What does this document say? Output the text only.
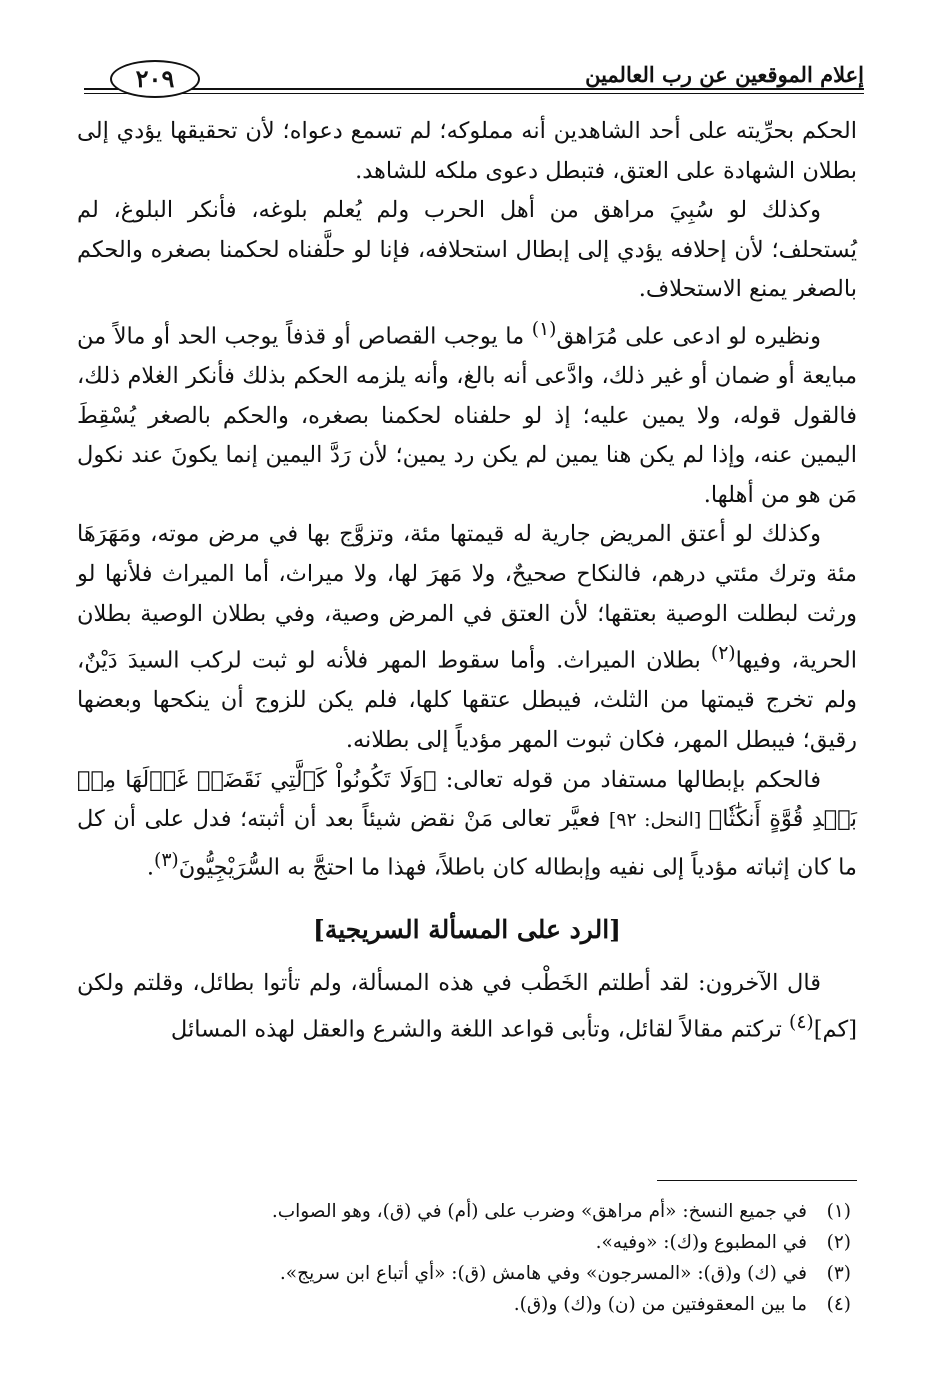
إعلام الموقعين عن رب العالمين
٢٠٩

الحكم بحرِّيته على أحد الشاهدين أنه مملوكه؛ لم تسمع دعواه؛ لأن تحقيقها يؤدي إلى بطلان الشهادة على العتق، فتبطل دعوى ملكه للشاهد.

وكذلك لو سُبِيَ مراهق من أهل الحرب ولم يُعلم بلوغه، فأنكر البلوغ، لم يُستحلف؛ لأن إحلافه يؤدي إلى إبطال استحلافه، فإنا لو حلَّفناه لحكمنا بصغره والحكم بالصغر يمنع الاستحلاف.

ونظيره لو ادعى على مُرَاهق$^{(١)}$ ما يوجب القصاص أو قذفاً يوجب الحد أو مالاً من مبايعة أو ضمان أو غير ذلك، وادَّعى أنه بالغ، وأنه يلزمه الحكم بذلك فأنكر الغلام ذلك، فالقول قوله، ولا يمين عليه؛ إذ لو حلفناه لحكمنا بصغره، والحكم بالصغر يُسْقِطَ اليمين عنه، وإذا لم يكن هنا يمين لم يكن رد يمين؛ لأن رَدَّ اليمين إنما يكونَ عند نكول مَن هو من أهلها.

وكذلك لو أعتق المريض جارية له قيمتها مئة، وتزوَّج بها في مرض موته، ومَهَرَهَا مئة وترك مئتي درهم، فالنكاح صحيحٌ، ولا مَهرَ لها، ولا ميراث، أما الميراث فلأنها لو ورثت لبطلت الوصية بعتقها؛ لأن العتق في المرض وصية، وفي بطلان الوصية بطلان الحرية، وفيها$^{(٢)}$ بطلان الميراث. وأما سقوط المهر فلأنه لو ثبت لركب السيدَ دَيْنٌ، ولم تخرج قيمتها من الثلث، فيبطل عتقها كلها، فلم يكن للزوج أن ينكحها وبعضها رقيق؛ فيبطل المهر، فكان ثبوت المهر مؤدياً إلى بطلانه.

فالحكم بإبطالها مستفاد من قوله تعالى: ﴿وَلَا تَكُونُواْ كَٱلَّتِي نَقَضَتۡ غَزۡلَهَا مِنۢ بَعۡدِ قُوَّةٍ أَنكَٰثٗا﴾ [النحل: ٩٢] فعيَّر تعالى مَنْ نقض شيئاً بعد أن أثبته؛ فدل على أن كل ما كان إثباته مؤدياً إلى نفيه وإبطاله كان باطلاً، فهذا ما احتجَّ به السُّرَيْجِيُّونَ$^{(٣)}$.

[الرد على المسألة السريجية]

قال الآخرون: لقد أطلتم الخَطْب في هذه المسألة، ولم تأتوا بطائل، وقلتم ولكن [كم]$^{(٤)}$ تركتم مقالاً لقائل، وتأبى قواعد اللغة والشرع والعقل لهذه المسائل

(١)
في جميع النسخ: «أم مراهق» وضرب على (أم) في (ق)، وهو الصواب.
(٢)
في المطبوع و(ك): «وفيه».
(٣)
في (ك) و(ق): «المسرجون» وفي هامش (ق): «أي أتباع ابن سريج».
(٤)
ما بين المعقوفتين من (ن) و(ك) و(ق).
